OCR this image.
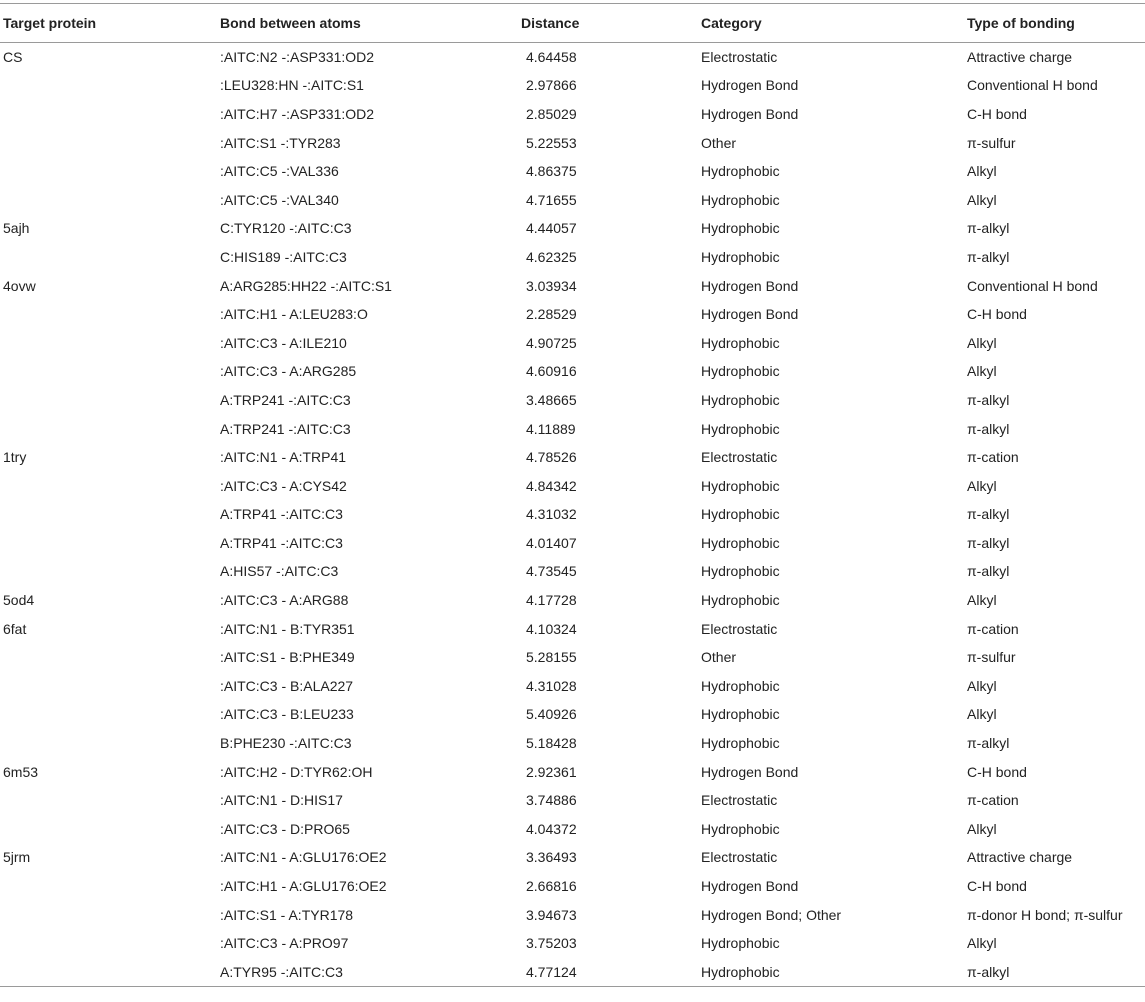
Target protein	Bond between atoms	Distance	Category	Type of bonding
CS	:AITC:N2 -:ASP331:OD2	4.64458	Electrostatic	Attractive charge
	:LEU328:HN -:AITC:S1	2.97866	Hydrogen Bond	Conventional H bond
	:AITC:H7 -:ASP331:OD2	2.85029	Hydrogen Bond	C-H bond
	:AITC:S1 -:TYR283	5.22553	Other	π-sulfur
	:AITC:C5 -:VAL336	4.86375	Hydrophobic	Alkyl
	:AITC:C5 -:VAL340	4.71655	Hydrophobic	Alkyl
5ajh	C:TYR120 -:AITC:C3	4.44057	Hydrophobic	π-alkyl
	C:HIS189 -:AITC:C3	4.62325	Hydrophobic	π-alkyl
4ovw	A:ARG285:HH22 -:AITC:S1	3.03934	Hydrogen Bond	Conventional H bond
	:AITC:H1 - A:LEU283:O	2.28529	Hydrogen Bond	C-H bond
	:AITC:C3 - A:ILE210	4.90725	Hydrophobic	Alkyl
	:AITC:C3 - A:ARG285	4.60916	Hydrophobic	Alkyl
	A:TRP241 -:AITC:C3	3.48665	Hydrophobic	π-alkyl
	A:TRP241 -:AITC:C3	4.11889	Hydrophobic	π-alkyl
1try	:AITC:N1 - A:TRP41	4.78526	Electrostatic	π-cation
	:AITC:C3 - A:CYS42	4.84342	Hydrophobic	Alkyl
	A:TRP41 -:AITC:C3	4.31032	Hydrophobic	π-alkyl
	A:TRP41 -:AITC:C3	4.01407	Hydrophobic	π-alkyl
	A:HIS57 -:AITC:C3	4.73545	Hydrophobic	π-alkyl
5od4	:AITC:C3 - A:ARG88	4.17728	Hydrophobic	Alkyl
6fat	:AITC:N1 - B:TYR351	4.10324	Electrostatic	π-cation
	:AITC:S1 - B:PHE349	5.28155	Other	π-sulfur
	:AITC:C3 - B:ALA227	4.31028	Hydrophobic	Alkyl
	:AITC:C3 - B:LEU233	5.40926	Hydrophobic	Alkyl
	B:PHE230 -:AITC:C3	5.18428	Hydrophobic	π-alkyl
6m53	:AITC:H2 - D:TYR62:OH	2.92361	Hydrogen Bond	C-H bond
	:AITC:N1 - D:HIS17	3.74886	Electrostatic	π-cation
	:AITC:C3 - D:PRO65	4.04372	Hydrophobic	Alkyl
5jrm	:AITC:N1 - A:GLU176:OE2	3.36493	Electrostatic	Attractive charge
	:AITC:H1 - A:GLU176:OE2	2.66816	Hydrogen Bond	C-H bond
	:AITC:S1 - A:TYR178	3.94673	Hydrogen Bond; Other	π-donor H bond; π-sulfur
	:AITC:C3 - A:PRO97	3.75203	Hydrophobic	Alkyl
	A:TYR95 -:AITC:C3	4.77124	Hydrophobic	π-alkyl
